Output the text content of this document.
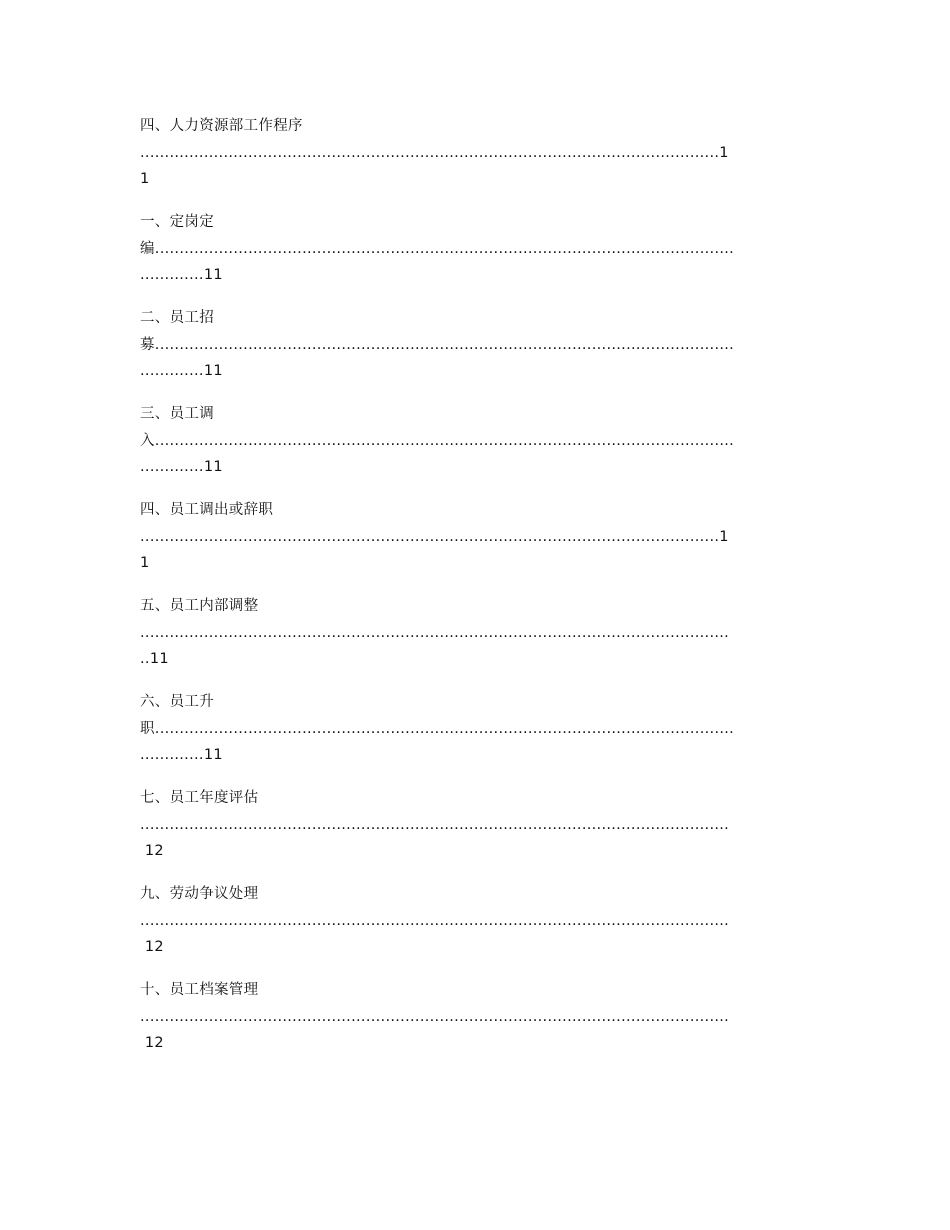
四、人力资源部工作程序
......................................................................................................................1
1
一、定岗定
编......................................................................................................................
.............11
二、员工招
募......................................................................................................................
.............11
三、员工调
入......................................................................................................................
.............11
四、员工调出或辞职
......................................................................................................................1
1
五、员工内部调整
........................................................................................................................
..11
六、员工升
职......................................................................................................................
.............11
七、员工年度评估
........................................................................................................................
12
九、劳动争议处理
........................................................................................................................
12
十、员工档案管理
........................................................................................................................
12
